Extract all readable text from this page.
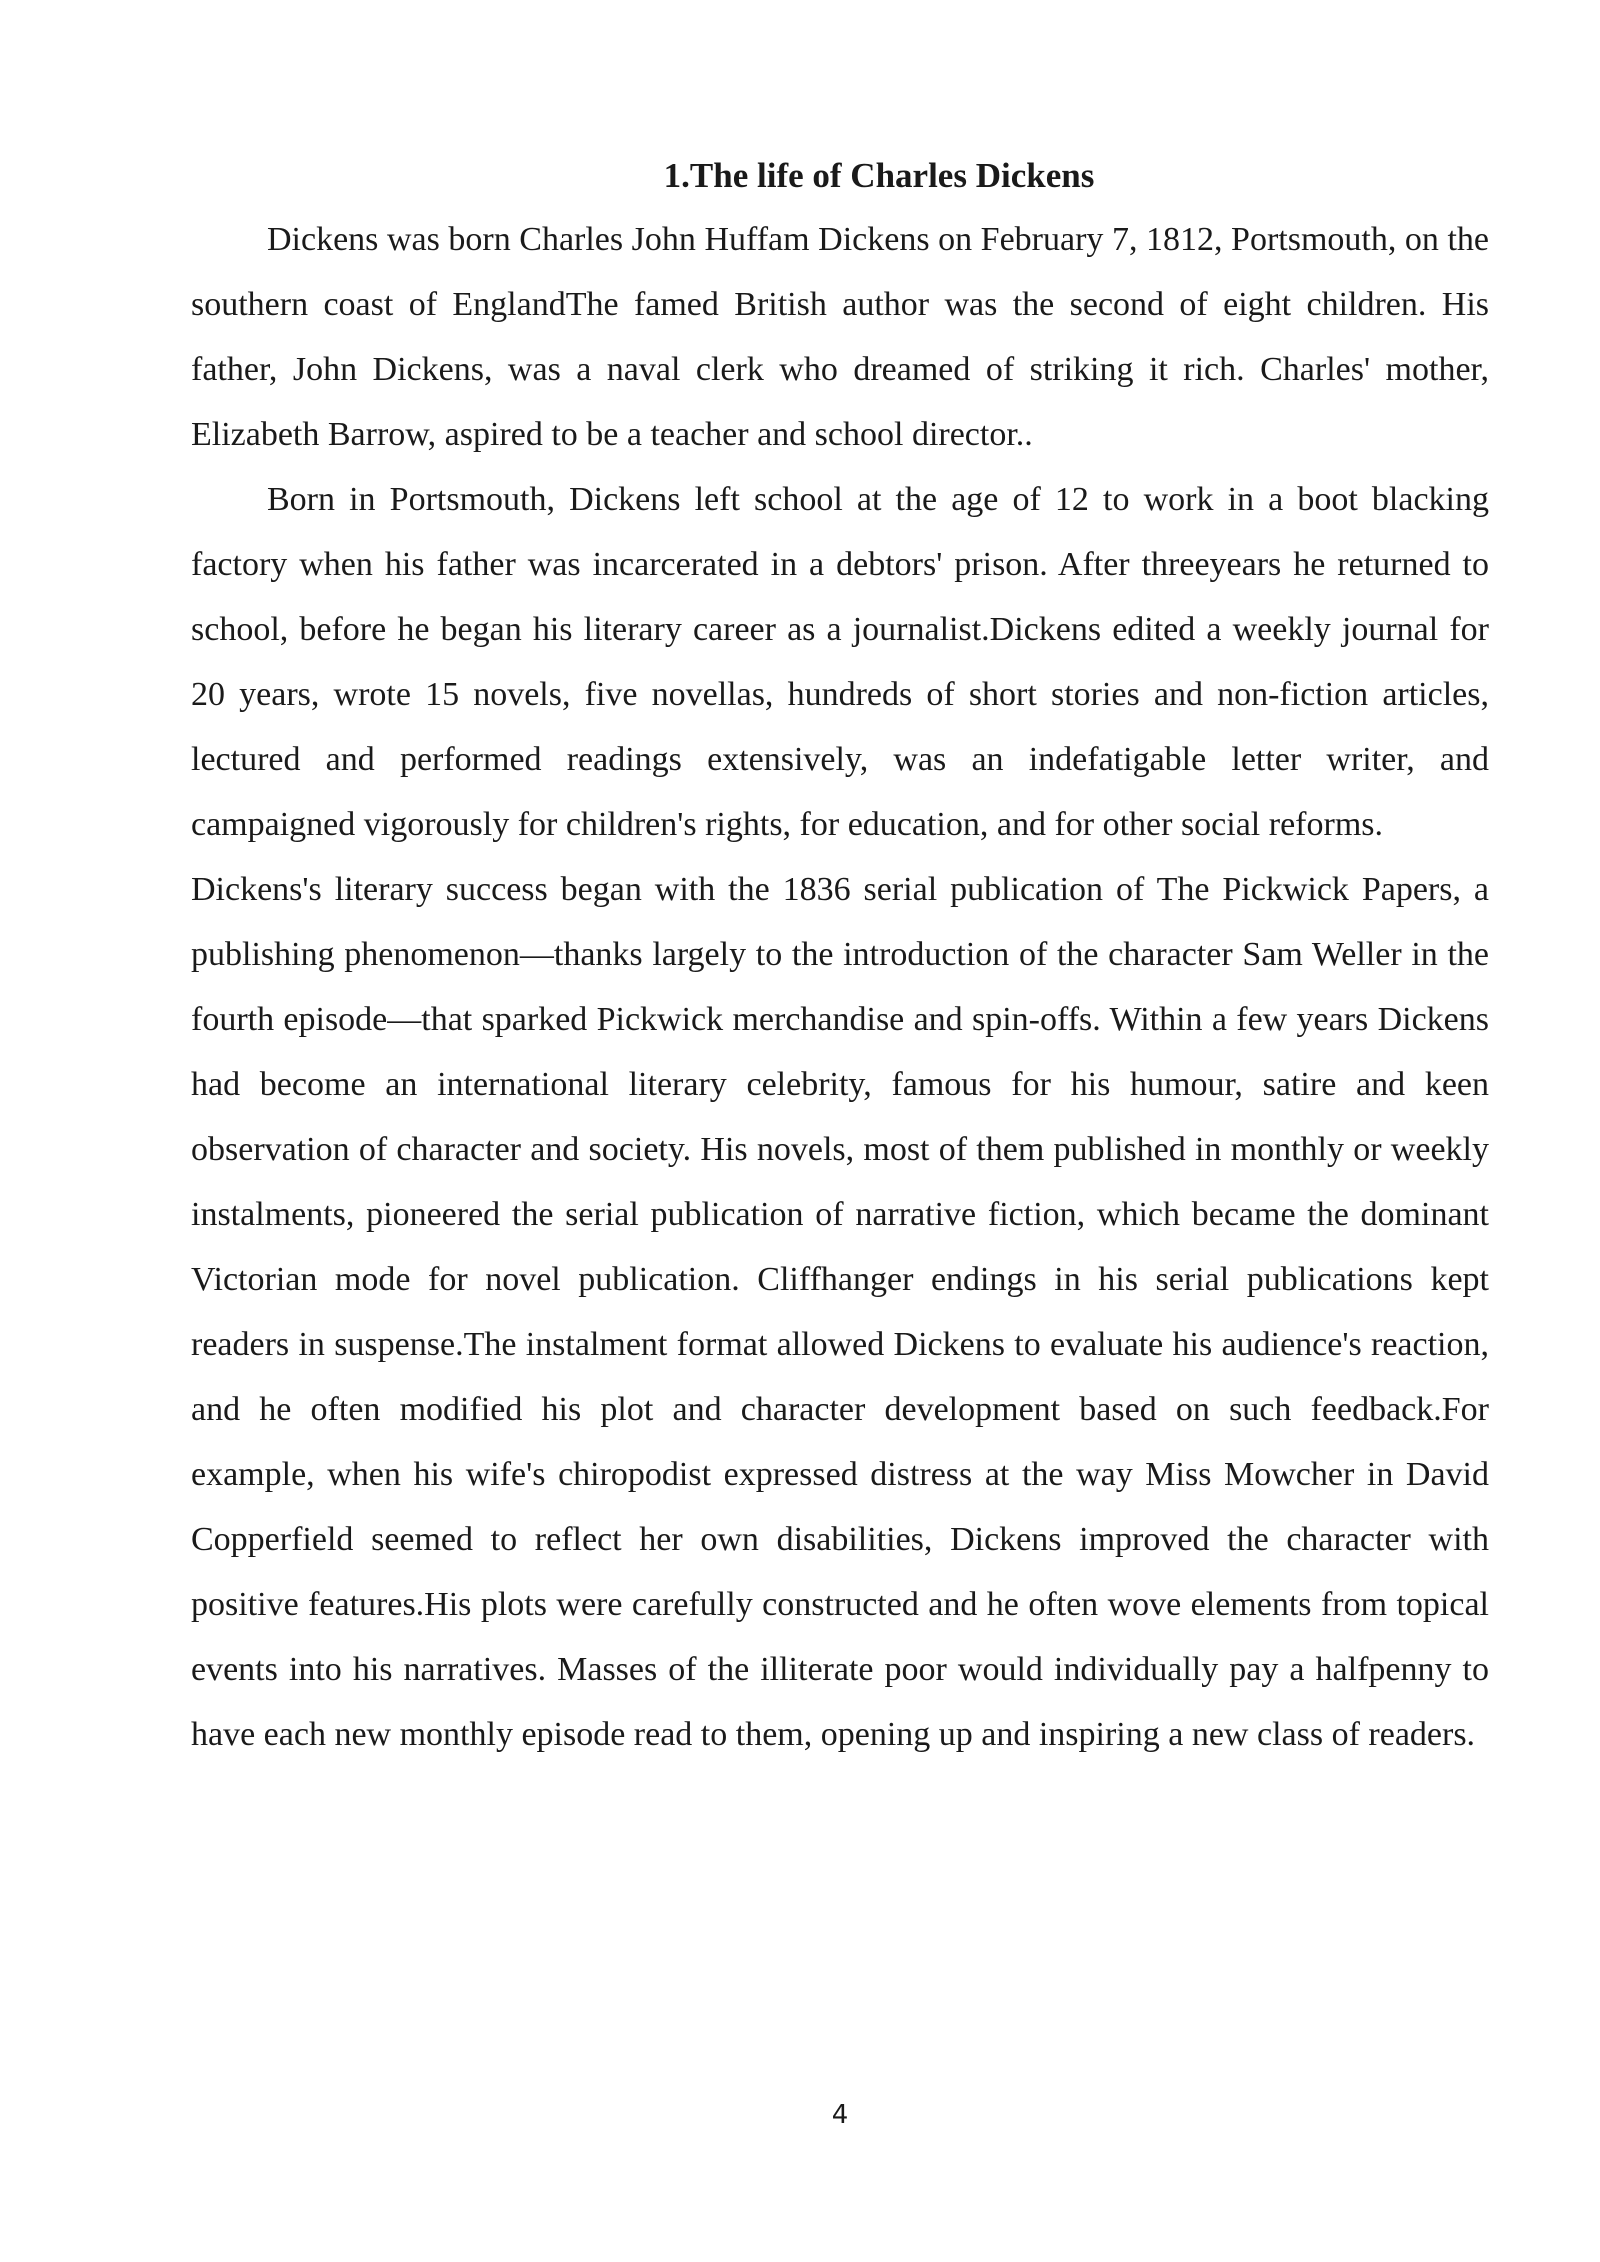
1.The life of Charles Dickens

Dickens was born Charles John Huffam Dickens on February 7, 1812, Portsmouth, on the southern coast of EnglandThe famed British author was the second of eight children. His father, John Dickens, was a naval clerk who dreamed of striking it rich. Charles' mother, Elizabeth Barrow, aspired to be a teacher and school director..

Born in Portsmouth, Dickens left school at the age of 12 to work in a boot blacking factory when his father was incarcerated in a debtors' prison. After threeyears he returned to school, before he began his literary career as a journalist.Dickens edited a weekly journal for 20 years, wrote 15 novels, five novellas, hundreds of short stories and non-fiction articles, lectured and performed readings extensively, was an indefatigable letter writer, and campaigned vigorously for children's rights, for education, and for other social reforms.

Dickens's literary success began with the 1836 serial publication of The Pickwick Papers, a publishing phenomenon—thanks largely to the introduction of the character Sam Weller in the fourth episode—that sparked Pickwick merchandise and spin-offs. Within a few years Dickens had become an international literary celebrity, famous for his humour, satire and keen observation of character and society. His novels, most of them published in monthly or weekly instalments, pioneered the serial publication of narrative fiction, which became the dominant Victorian mode for novel publication. Cliffhanger endings in his serial publications kept readers in suspense.The instalment format allowed Dickens to evaluate his audience's reaction, and he often modified his plot and character development based on such feedback.For example, when his wife's chiropodist expressed distress at the way Miss Mowcher in David Copperfield seemed to reflect her own disabilities, Dickens improved the character with positive features.His plots were carefully constructed and he often wove elements from topical events into his narratives. Masses of the illiterate poor would individually pay a halfpenny to have each new monthly episode read to them, opening up and inspiring a new class of readers.

4
